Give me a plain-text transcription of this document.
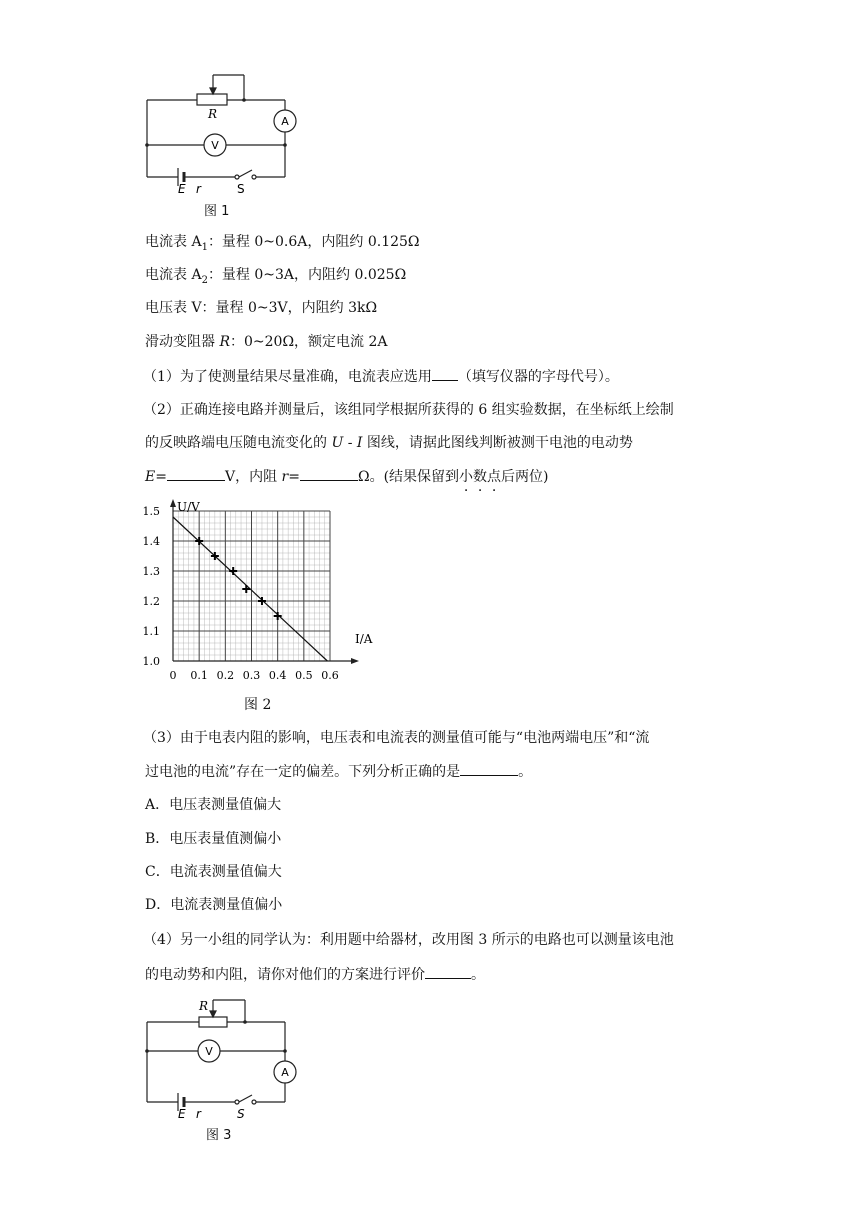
R
A
V
E r	S
图 1
电流表 $A_1$：量程 0~0.6A，内阻约 0.125Ω
电流表 $A_2$：量程 0~3A，内阻约 0.025Ω
电压表 V：量程 0~3V，内阻约 3kΩ
滑动变阻器 R：0~20Ω，额定电流 2A
（1）为了使测量结果尽量准确，电流表应选用 （填写仪器的字母代号）。
（2）正确连接电路并测量后，该组同学根据所获得的 6 组实验数据，在坐标纸上绘制
的反映路端电压随电流变化的 U - I 图线，请据此图线判断被测干电池的电动势
E=	V，内阻 r=	Ω。(结果保留到小数点后两位)
1.0
1.1
1.2
1.3
1.4
1.5
0 0.1 0.2 0.3 0.4 0.5 0.6
U/V
I/A
图 2
（3）由于电表内阻的影响，电压表和电流表的测量值可能与“电池两端电压”和“流
过电池的电流”存在一定的偏差。下列分析正确的是	。
A．电压表测量值偏大
B．电压表量值测偏小
C．电流表测量值偏大
D．电流表测量值偏小
（4）另一小组的同学认为：利用题中给器材，改用图 3 所示的电路也可以测量该电池
的电动势和内阻，请你对他们的方案进行评价	。
R
A
V
E r	S
图 3
